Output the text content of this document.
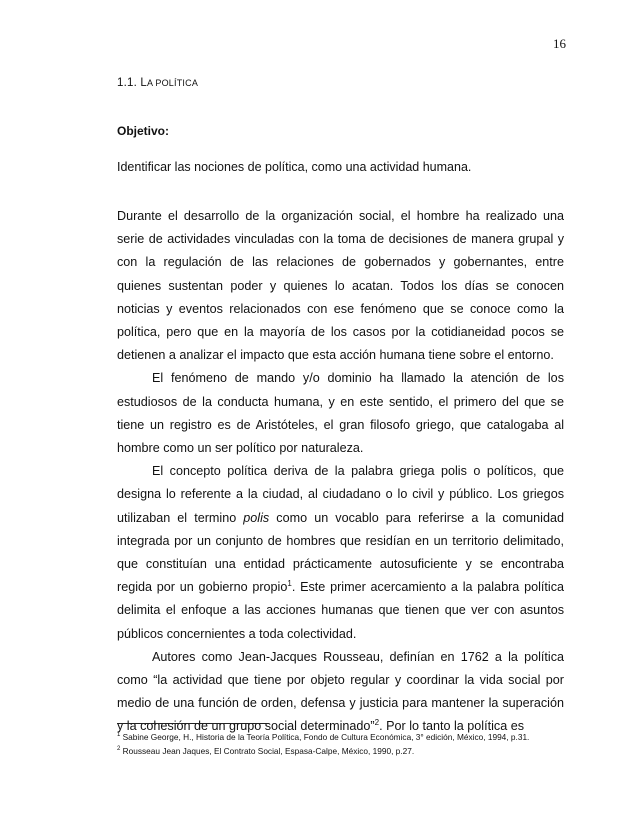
16
1.1. LA POLÍTICA
Objetivo:
Identificar las nociones de política, como una actividad humana.

Durante el desarrollo de la organización social, el hombre ha realizado una serie de actividades vinculadas con la toma de decisiones de manera grupal y con la regulación de las relaciones de gobernados y gobernantes, entre quienes sustentan poder y quienes lo acatan. Todos los días se conocen noticias y eventos relacionados con ese fenómeno que se conoce como la política, pero que en la mayoría de los casos por la cotidianeidad pocos se detienen a analizar el impacto que esta acción humana tiene sobre el entorno.

El fenómeno de mando y/o dominio ha llamado la atención de los estudiosos de la conducta humana, y en este sentido, el primero del que se tiene un registro es de Aristóteles, el gran filosofo griego, que catalogaba al hombre como un ser político por naturaleza.

El concepto política deriva de la palabra griega polis o políticos, que designa lo referente a la ciudad, al ciudadano o lo civil y público. Los griegos utilizaban el termino polis como un vocablo para referirse a la comunidad integrada por un conjunto de hombres que residían en un territorio delimitado, que constituían una entidad prácticamente autosuficiente y se encontraba regida por un gobierno propio$^1$. Este primer acercamiento a la palabra política delimita el enfoque a las acciones humanas que tienen que ver con asuntos públicos concernientes a toda colectividad.

Autores como Jean-Jacques Rousseau, definían en 1762 a la política como “la actividad que tiene por objeto regular y coordinar la vida social por medio de una función de orden, defensa y justicia para mantener la superación y la cohesión de un grupo social determinado”$^2$. Por lo tanto la política es

$^1$ Sabine George, H., Historia de la Teoría Política, Fondo de Cultura Económica, 3° edición, México, 1994, p.31.
$^2$ Rousseau Jean Jaques, El Contrato Social, Espasa-Calpe, México, 1990, p.27.
